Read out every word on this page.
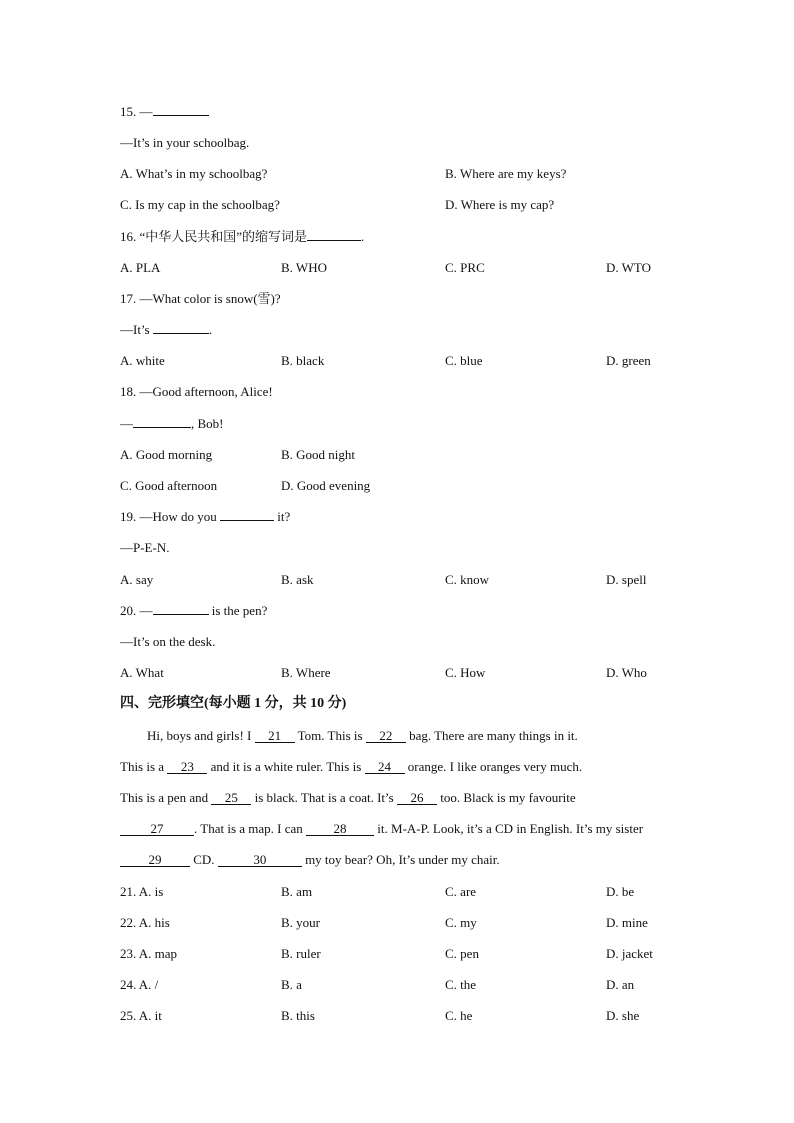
15. —
—It’s in your schoolbag.
A. What’s in my schoolbag?	B. Where are my keys?
C. Is my cap in the schoolbag?	D. Where is my cap?
16. “中华人民共和国”的缩写词是	.
A. PLA	B. WHO	C. PRC	D. WTO
17. —What color is snow(雪)?
—It’s	.
A. white	B. black	C. blue	D. green
18. —Good afternoon, Alice!
—	, Bob!
A. Good morning	B. Good night
C. Good afternoon	D. Good evening
19. —How do you	it?
—P-E-N.
A. say	B. ask	C. know	D. spell
20. —	is the pen?
—It’s on the desk.
A. What	B. Where	C. How	D. Who
四、完形填空(每小题 1 分，共 10 分)
Hi, boys and girls! I 21 Tom. This is 22 bag. There are many things in it.
This is a 23 and it is a white ruler. This is 24 orange. I like oranges very much.
This is a pen and 25 is black. That is a coat. It’s 26 too. Black is my favourite
27 . That is a map. I can 28 it. M-A-P. Look, it’s a CD in English. It’s my sister
29 CD.	30	my toy bear? Oh, It’s under my chair.
21. A. is	B. am	C. are	D. be
22. A. his	B. your	C. my	D. mine
23. A. map	B. ruler	C. pen	D. jacket
24. A. /	B. a	C. the	D. an
25. A. it	B. this	C. he	D. she
